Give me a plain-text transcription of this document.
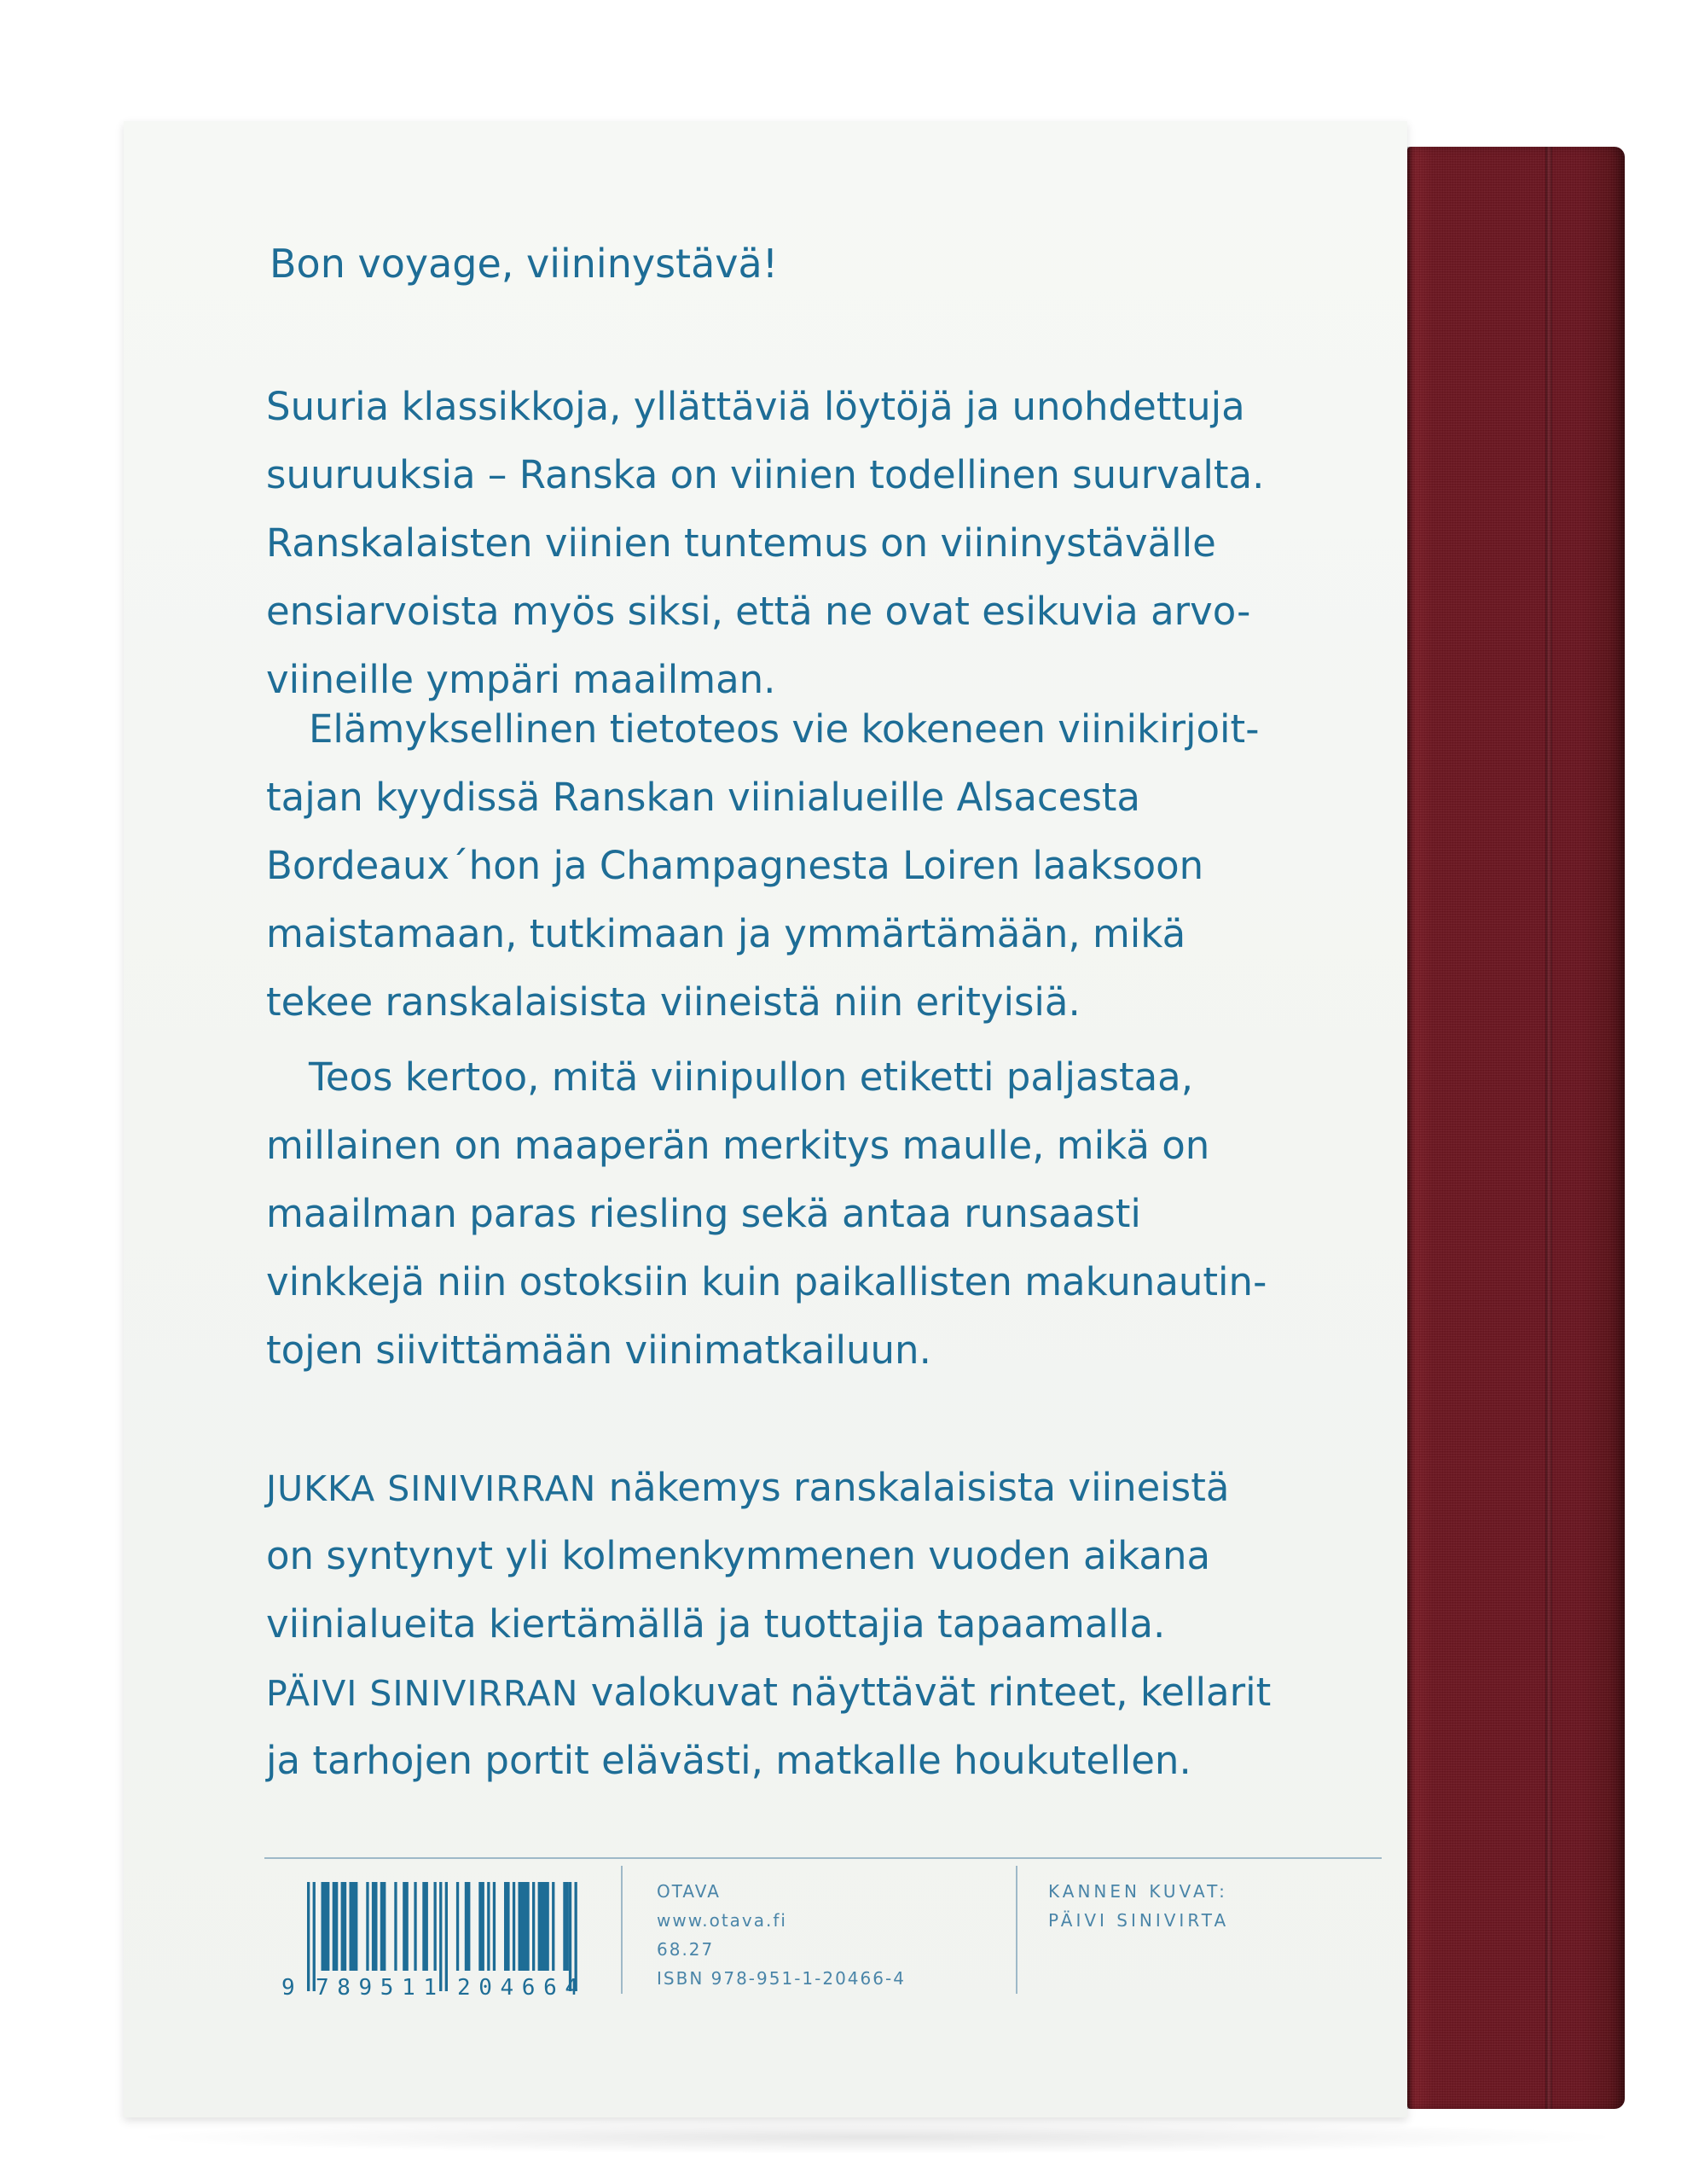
Bon voyage, viininystävä!
Suuria klassikkoja, yllättäviä löytöjä ja unohdettuja
suuruuksia – Ranska on viinien todellinen suurvalta.
Ranskalaisten viinien tuntemus on viininystävälle
ensiarvoista myös siksi, että ne ovat esikuvia arvo-
viineille ympäri maailman.
Elämyksellinen tietoteos vie kokeneen viinikirjoit-
tajan kyydissä Ranskan viinialueille Alsacesta
Bordeaux´hon ja Champagnesta Loiren laaksoon
maistamaan, tutkimaan ja ymmärtämään, mikä
tekee ranskalaisista viineistä niin erityisiä.
Teos kertoo, mitä viinipullon etiketti paljastaa,
millainen on maaperän merkitys maulle, mikä on
maailman paras riesling sekä antaa runsaasti
vinkkejä niin ostoksiin kuin paikallisten makunautin-
tojen siivittämään viinimatkailuun.
JUKKA SINIVIRRAN näkemys ranskalaisista viineistä
on syntynyt yli kolmenkymmenen vuoden aikana
viinialueita kiertämällä ja tuottajia tapaamalla.
PÄIVI SINIVIRRAN valokuvat näyttävät rinteet, kellarit
ja tarhojen portit elävästi, matkalle houkutellen.
9 789511 204664
OTAVA
www.otava.fi
68.27
ISBN 978-951-1-20466-4
KANNEN KUVAT:
PÄIVI SINIVIRTA
